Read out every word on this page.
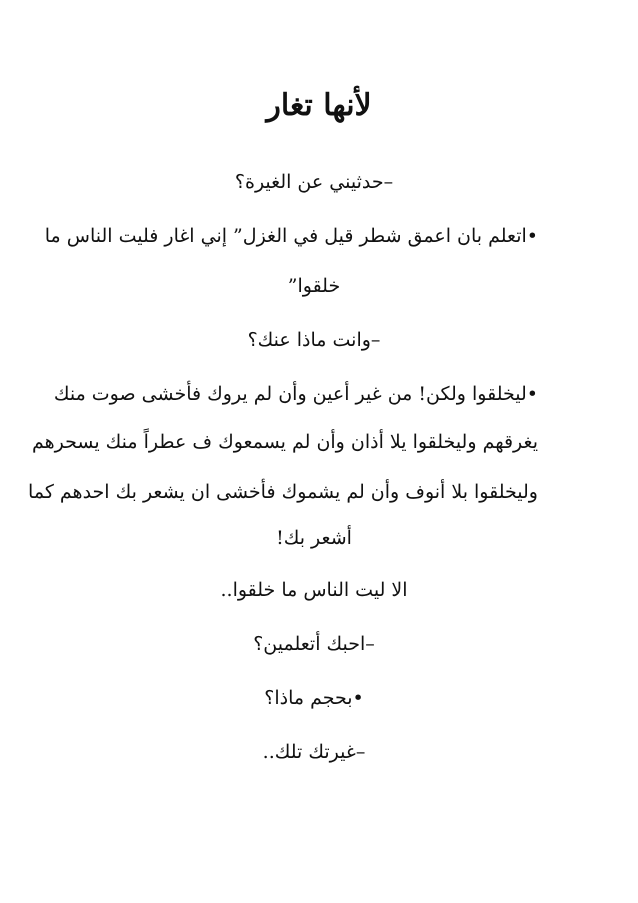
لأنها تغار
–حدثيني عن الغيرة؟
•اتعلم بان اعمق شطر قيل في الغزل” إني اغار فليت الناس ما
خلقوا”
–وانت ماذا عنك؟
•ليخلقوا ولكن! من غير أعين وأن لم يروك فأخشى صوت منك
يغرقهم وليخلقوا يلا أذان وأن لم يسمعوك ف عطراً منك يسحرهم
وليخلقوا بلا أنوف وأن لم يشموك فأخشى ان يشعر بك احدهم كما
أشعر بك!
الا ليت الناس ما خلقوا..
–احبك أتعلمين؟
•بحجم ماذا؟
–غيرتك تلك..
